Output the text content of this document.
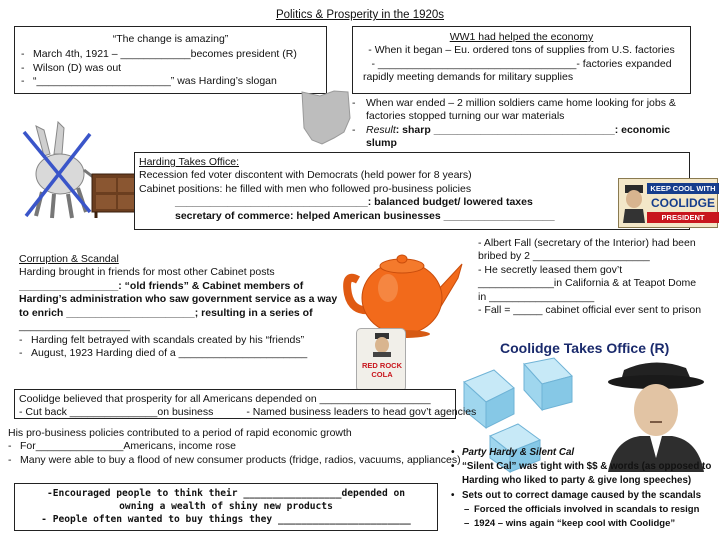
Politics & Prosperity in the 1920s
“The change is amazing”
- March 4th, 1921 – ____________becomes president (R)
- Wilson (D) was out
- “_______________________” was Harding’s slogan
WW1 had helped the economy
- When it began – Eu. ordered tons of supplies from U.S. factories
- __________________________________- factories expanded
rapidly meeting demands for military supplies
- When war ended – 2 million soldiers came home looking for jobs &
factories stopped turning our war materials
- Result: sharp _______________________________: economic slump
Harding Takes Office:
Recession fed voter discontent with Democrats (held power for 8 years)
Cabinet positions: he filled with men who followed pro-business policies
_________________________________: balanced budget/ lowered taxes
secretary of commerce: helped American businesses ___________________
KEEP COOL WITH
COOLIDGE
PRESIDENT
Corruption & Scandal
Harding brought in friends for most other Cabinet posts
_________________: “old friends” & Cabinet members of
Harding’s administration who saw government service as a way
to enrich ______________________; resulting in a series of
___________________
- Harding felt betrayed with scandals created by his “friends”
- August, 1923 Harding died of a ______________________
- Albert Fall (secretary of the Interior) had been
bribed by 2 ____________________
- He secretly leased them gov’t
_____________in California & at Teapot Dome
in __________________
- Fall = _____ cabinet official ever sent to prison
RED ROCK COLA
Coolidge Takes Office (R)
Coolidge believed that prosperity for all Americans depended on ___________________
- Cut back _______________on business	- Named business leaders to head gov’t agencies
His pro-business policies contributed to a period of rapid economic growth
- For_______________Americans, income rose
- Many were able to buy a flood of new consumer products (fridge, radios, vacuums, appliances)
-Encouraged people to think their _________________depended on
owning a wealth of shiny new products
- People often wanted to buy things they _______________________
• Party Hardy & Silent Cal
• “Silent Cal” was tight with $$ & words (as opposed to Harding who liked to party & give long speeches)
• Sets out to correct damage caused by the scandals
– Forced the officials involved in scandals to resign
– 1924 – wins again “keep cool with Coolidge”
